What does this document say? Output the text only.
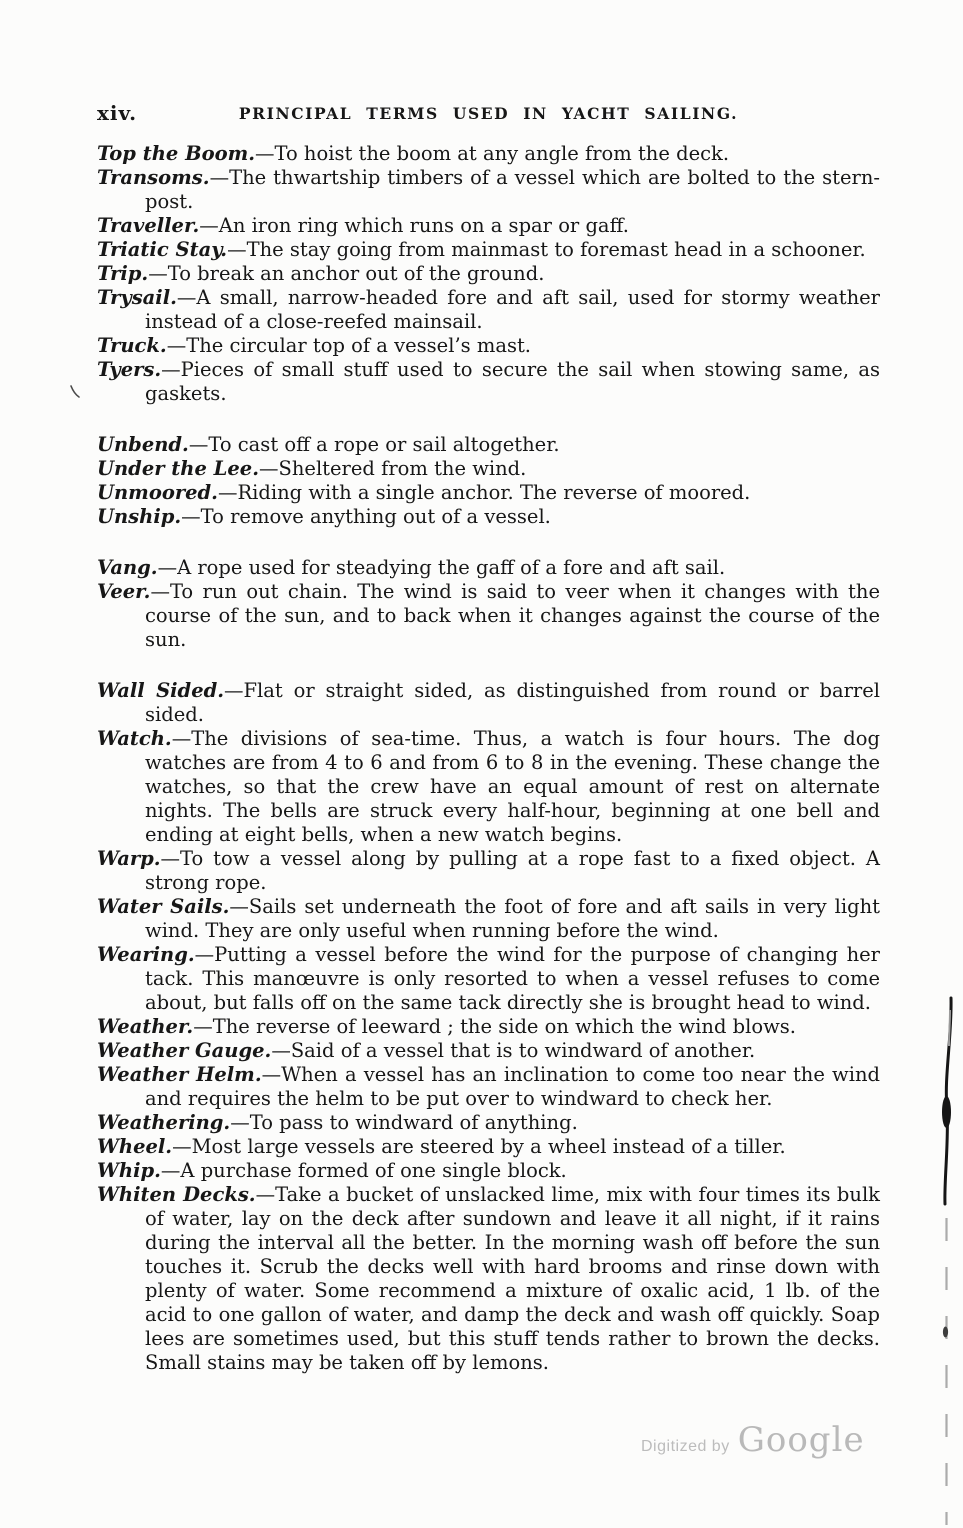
xiv.	PRINCIPAL TERMS USED IN YACHT SAILING.

Top the Boom.—To hoist the boom at any angle from the deck.

Transoms.—The thwartship timbers of a vessel which are bolted to the stern-post.

Traveller.—An iron ring which runs on a spar or gaff.

Triatic Stay.—The stay going from mainmast to foremast head in a schooner.

Trip.—To break an anchor out of the ground.

Trysail.—A small, narrow-headed fore and aft sail, used for stormy weather instead of a close-reefed mainsail.

Truck.—The circular top of a vessel’s mast.

Tyers.—Pieces of small stuff used to secure the sail when stowing same, as gaskets.

Unbend.—To cast off a rope or sail altogether.

Under the Lee.—Sheltered from the wind.

Unmoored.—Riding with a single anchor. The reverse of moored.

Unship.—To remove anything out of a vessel.

Vang.—A rope used for steadying the gaff of a fore and aft sail.

Veer.—To run out chain. The wind is said to veer when it changes with the course of the sun, and to back when it changes against the course of the sun.

Wall Sided.—Flat or straight sided, as distinguished from round or barrel sided.

Watch.—The divisions of sea-time. Thus, a watch is four hours. The dog watches are from 4 to 6 and from 6 to 8 in the evening. These change the watches, so that the crew have an equal amount of rest on alternate nights. The bells are struck every half-hour, beginning at one bell and ending at eight bells, when a new watch begins.

Warp.—To tow a vessel along by pulling at a rope fast to a fixed object. A strong rope.

Water Sails.—Sails set underneath the foot of fore and aft sails in very light wind. They are only useful when running before the wind.

Wearing.—Putting a vessel before the wind for the purpose of changing her tack. This manœuvre is only resorted to when a vessel refuses to come about, but falls off on the same tack directly she is brought head to wind.

Weather.—The reverse of leeward ; the side on which the wind blows.

Weather Gauge.—Said of a vessel that is to windward of another.

Weather Helm.—When a vessel has an inclination to come too near the wind and requires the helm to be put over to windward to check her.

Weathering.—To pass to windward of anything.

Wheel.—Most large vessels are steered by a wheel instead of a tiller.

Whip.—A purchase formed of one single block.

Whiten Decks.—Take a bucket of unslacked lime, mix with four times its bulk of water, lay on the deck after sundown and leave it all night, if it rains during the interval all the better. In the morning wash off before the sun touches it. Scrub the decks well with hard brooms and rinse down with plenty of water. Some recommend a mixture of oxalic acid, 1 lb. of the acid to one gallon of water, and damp the deck and wash off quickly. Soap lees are sometimes used, but this stuff tends rather to brown the decks. Small stains may be taken off by lemons.

Digitized by Google
